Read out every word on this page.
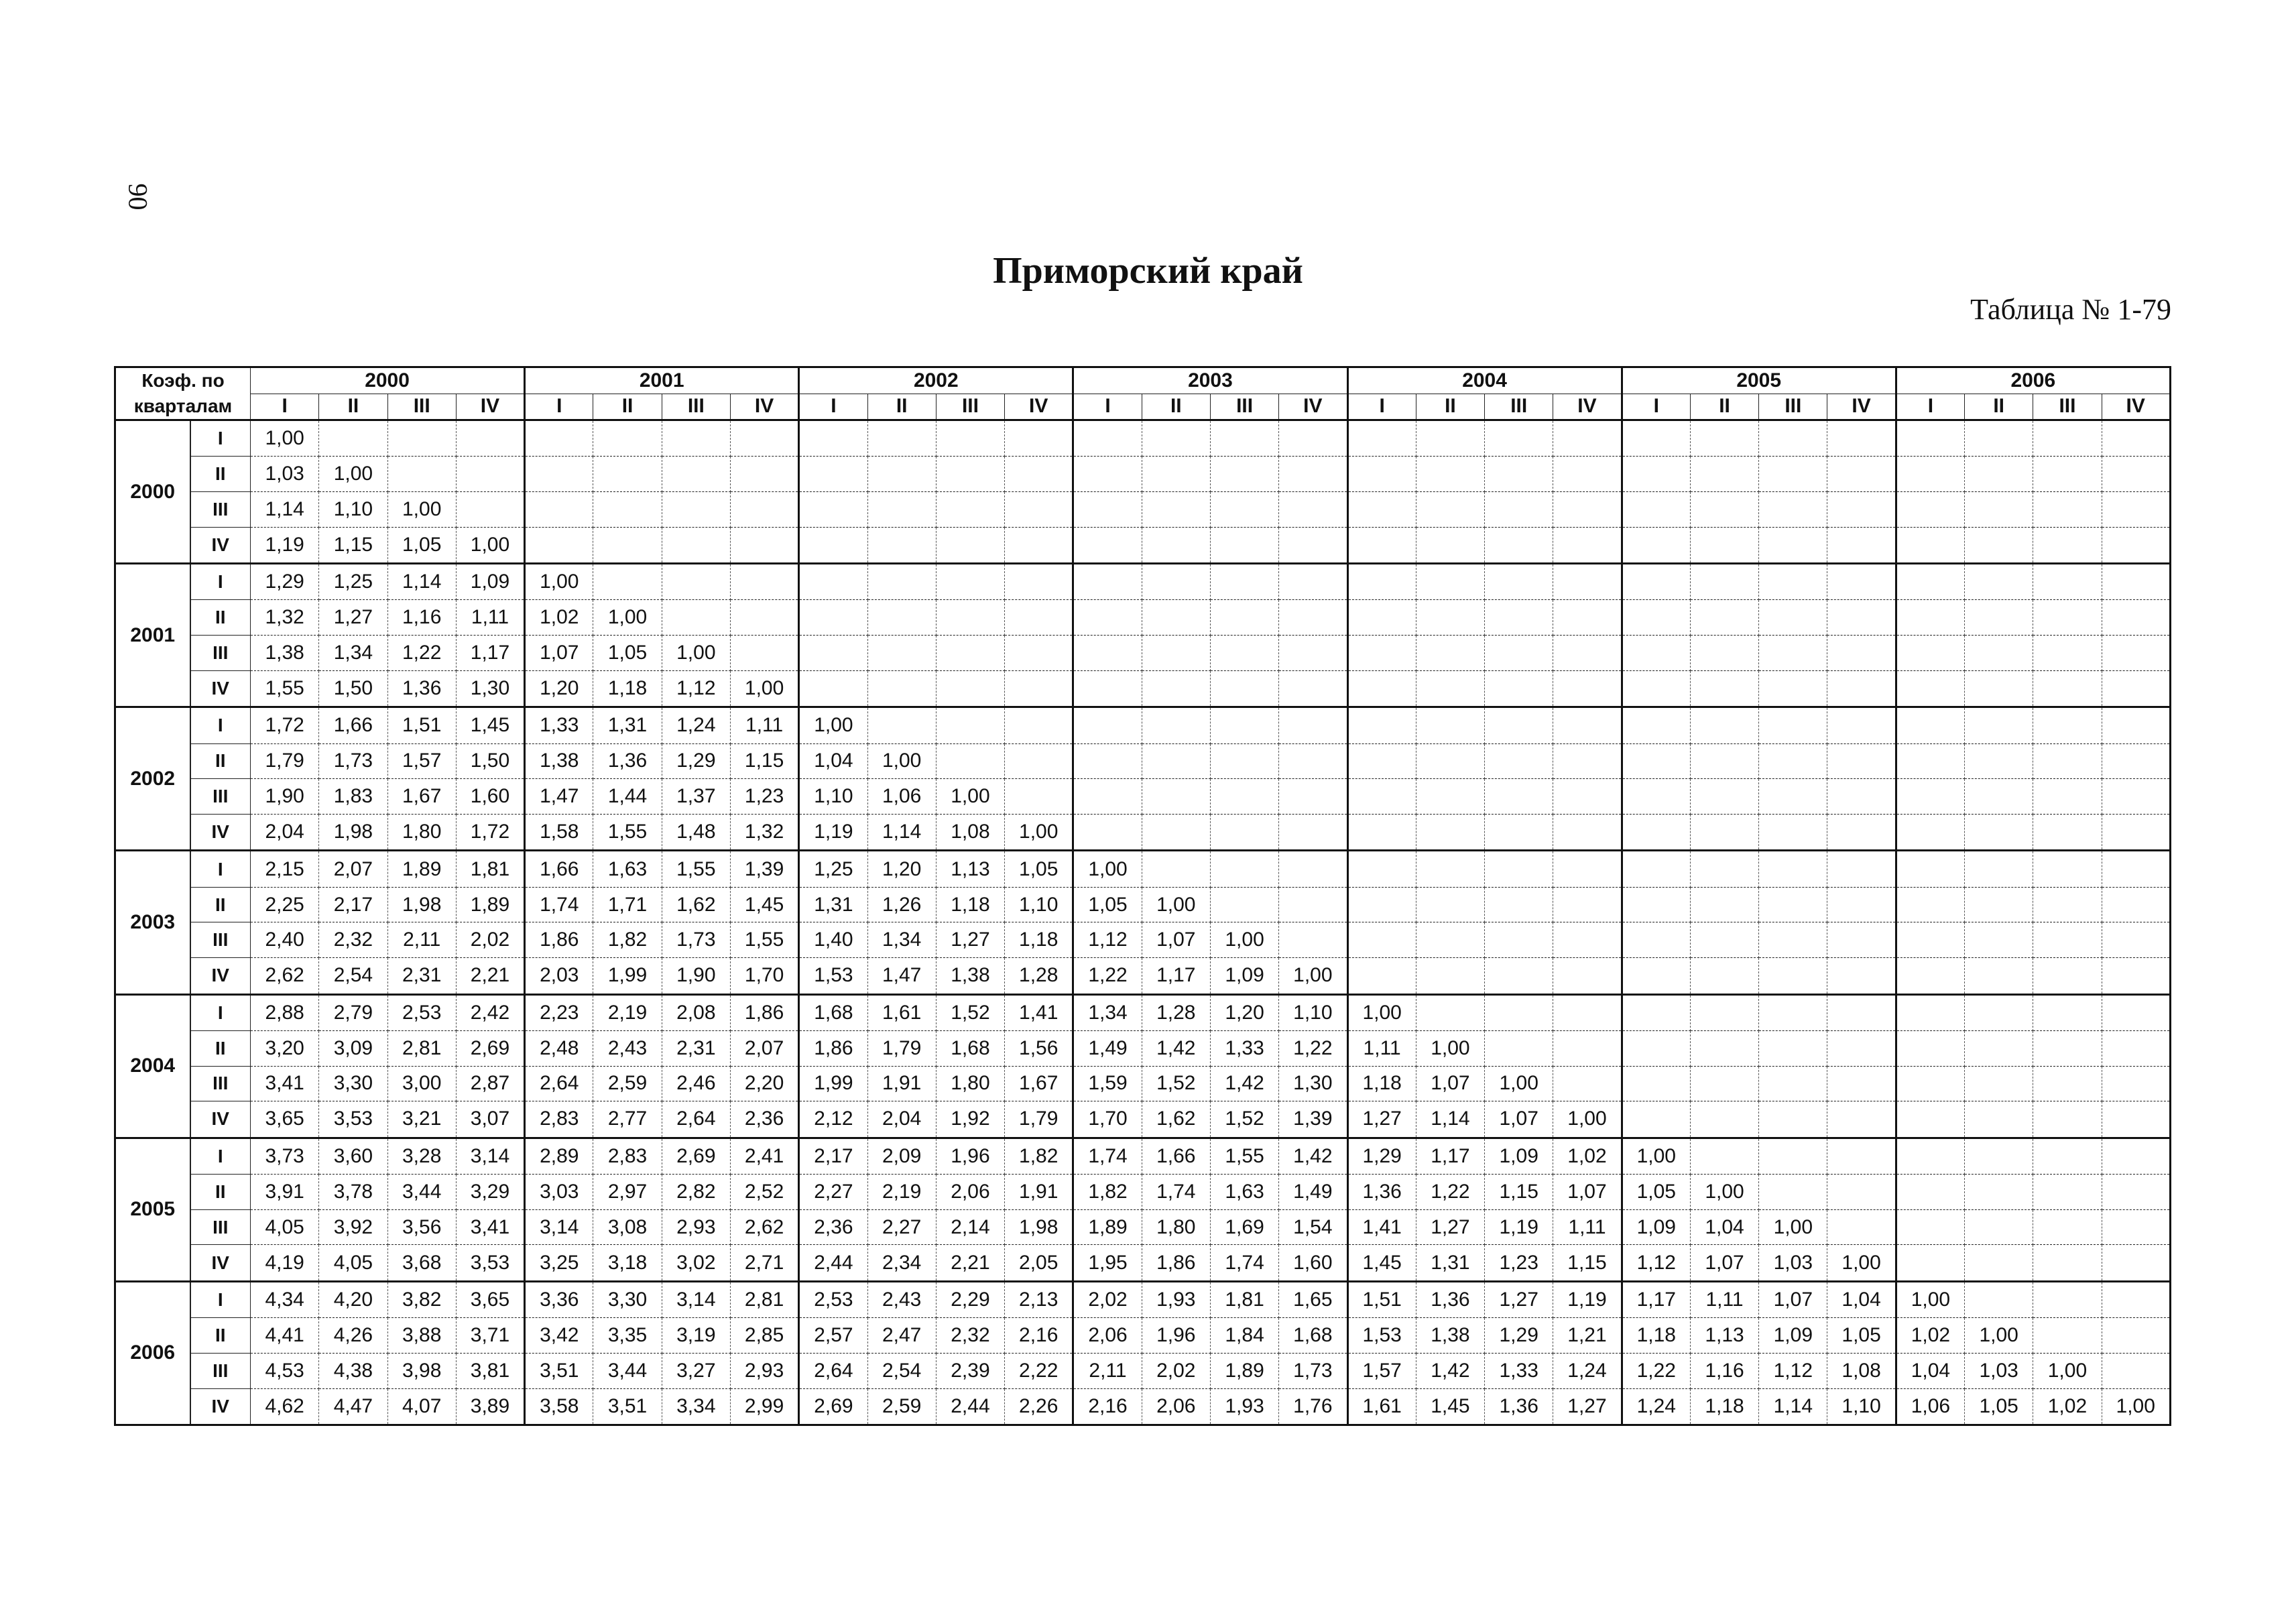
90
Приморский край
Таблица № 1-79
Коэф. по
кварталам		2000				2001				2002				2003				2004				2005				2006			
		I	II	III	IV	I	II	III	IV	I	II	III	IV	I	II	III	IV	I	II	III	IV	I	II	III	IV	I	II	III	IV
2000	I	1,00																											
	II	1,03	1,00																										
	III	1,14	1,10	1,00																									
	IV	1,19	1,15	1,05	1,00																								
2001	I	1,29	1,25	1,14	1,09	1,00																							
	II	1,32	1,27	1,16	1,11	1,02	1,00																						
	III	1,38	1,34	1,22	1,17	1,07	1,05	1,00																					
	IV	1,55	1,50	1,36	1,30	1,20	1,18	1,12	1,00																				
2002	I	1,72	1,66	1,51	1,45	1,33	1,31	1,24	1,11	1,00																			
	II	1,79	1,73	1,57	1,50	1,38	1,36	1,29	1,15	1,04	1,00																		
	III	1,90	1,83	1,67	1,60	1,47	1,44	1,37	1,23	1,10	1,06	1,00																	
	IV	2,04	1,98	1,80	1,72	1,58	1,55	1,48	1,32	1,19	1,14	1,08	1,00																
2003	I	2,15	2,07	1,89	1,81	1,66	1,63	1,55	1,39	1,25	1,20	1,13	1,05	1,00															
	II	2,25	2,17	1,98	1,89	1,74	1,71	1,62	1,45	1,31	1,26	1,18	1,10	1,05	1,00														
	III	2,40	2,32	2,11	2,02	1,86	1,82	1,73	1,55	1,40	1,34	1,27	1,18	1,12	1,07	1,00													
	IV	2,62	2,54	2,31	2,21	2,03	1,99	1,90	1,70	1,53	1,47	1,38	1,28	1,22	1,17	1,09	1,00												
2004	I	2,88	2,79	2,53	2,42	2,23	2,19	2,08	1,86	1,68	1,61	1,52	1,41	1,34	1,28	1,20	1,10	1,00											
	II	3,20	3,09	2,81	2,69	2,48	2,43	2,31	2,07	1,86	1,79	1,68	1,56	1,49	1,42	1,33	1,22	1,11	1,00										
	III	3,41	3,30	3,00	2,87	2,64	2,59	2,46	2,20	1,99	1,91	1,80	1,67	1,59	1,52	1,42	1,30	1,18	1,07	1,00									
	IV	3,65	3,53	3,21	3,07	2,83	2,77	2,64	2,36	2,12	2,04	1,92	1,79	1,70	1,62	1,52	1,39	1,27	1,14	1,07	1,00								
2005	I	3,73	3,60	3,28	3,14	2,89	2,83	2,69	2,41	2,17	2,09	1,96	1,82	1,74	1,66	1,55	1,42	1,29	1,17	1,09	1,02	1,00							
	II	3,91	3,78	3,44	3,29	3,03	2,97	2,82	2,52	2,27	2,19	2,06	1,91	1,82	1,74	1,63	1,49	1,36	1,22	1,15	1,07	1,05	1,00						
	III	4,05	3,92	3,56	3,41	3,14	3,08	2,93	2,62	2,36	2,27	2,14	1,98	1,89	1,80	1,69	1,54	1,41	1,27	1,19	1,11	1,09	1,04	1,00					
	IV	4,19	4,05	3,68	3,53	3,25	3,18	3,02	2,71	2,44	2,34	2,21	2,05	1,95	1,86	1,74	1,60	1,45	1,31	1,23	1,15	1,12	1,07	1,03	1,00				
2006	I	4,34	4,20	3,82	3,65	3,36	3,30	3,14	2,81	2,53	2,43	2,29	2,13	2,02	1,93	1,81	1,65	1,51	1,36	1,27	1,19	1,17	1,11	1,07	1,04	1,00			
	II	4,41	4,26	3,88	3,71	3,42	3,35	3,19	2,85	2,57	2,47	2,32	2,16	2,06	1,96	1,84	1,68	1,53	1,38	1,29	1,21	1,18	1,13	1,09	1,05	1,02	1,00		
	III	4,53	4,38	3,98	3,81	3,51	3,44	3,27	2,93	2,64	2,54	2,39	2,22	2,11	2,02	1,89	1,73	1,57	1,42	1,33	1,24	1,22	1,16	1,12	1,08	1,04	1,03	1,00	
	IV	4,62	4,47	4,07	3,89	3,58	3,51	3,34	2,99	2,69	2,59	2,44	2,26	2,16	2,06	1,93	1,76	1,61	1,45	1,36	1,27	1,24	1,18	1,14	1,10	1,06	1,05	1,02	1,00
